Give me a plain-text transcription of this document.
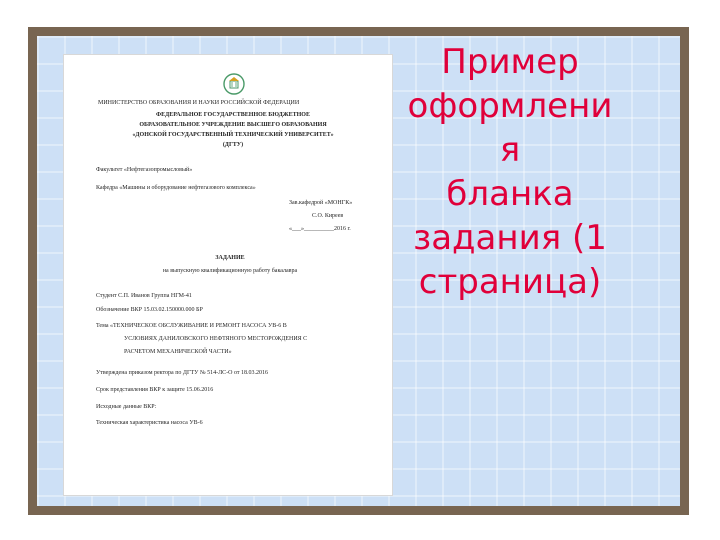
МИНИСТЕРСТВО ОБРАЗОВАНИЯ И НАУКИ РОССИЙСКОЙ ФЕДЕРАЦИИ
ФЕДЕРАЛЬНОЕ ГОСУДАРСТВЕННОЕ БЮДЖЕТНОЕ
ОБРАЗОВАТЕЛЬНОЕ УЧРЕЖДЕНИЕ ВЫСШЕГО ОБРАЗОВАНИЯ
«ДОНСКОЙ ГОСУДАРСТВЕННЫЙ ТЕХНИЧЕСКИЙ УНИВЕРСИТЕТ»
(ДГТУ)
Факультет «Нефтегазопромысловый»
Кафедра «Машины и оборудование нефтегазового комплекса»
Зав.кафедрой «МОНГК»
С.О. Киреев
«___»__________2016 г.
ЗАДАНИЕ
на выпускную квалификационную работу бакалавра
Студент С.П. Иванов Группа НГМ-41
Обозначение ВКР 15.03.02.150000.000 БР
Тема «ТЕХНИЧЕСКОЕ ОБСЛУЖИВАНИЕ И РЕМОНТ НАСОСА УВ-6 В
УСЛОВИЯХ ДАНИЛОВСКОГО НЕФТЯНОГО МЕСТОРОЖДЕНИЯ С
РАСЧЕТОМ МЕХАНИЧЕСКОЙ ЧАСТИ»
Утверждена приказом ректора по ДГТУ № 514-ЛС-О от 18.03.2016
Срок представления ВКР к защите 15.06.2016
Исходные данные ВКР:
Техническая характеристика насоса УВ-6
Пример
оформлени
я
бланка
задания (1
страница)
